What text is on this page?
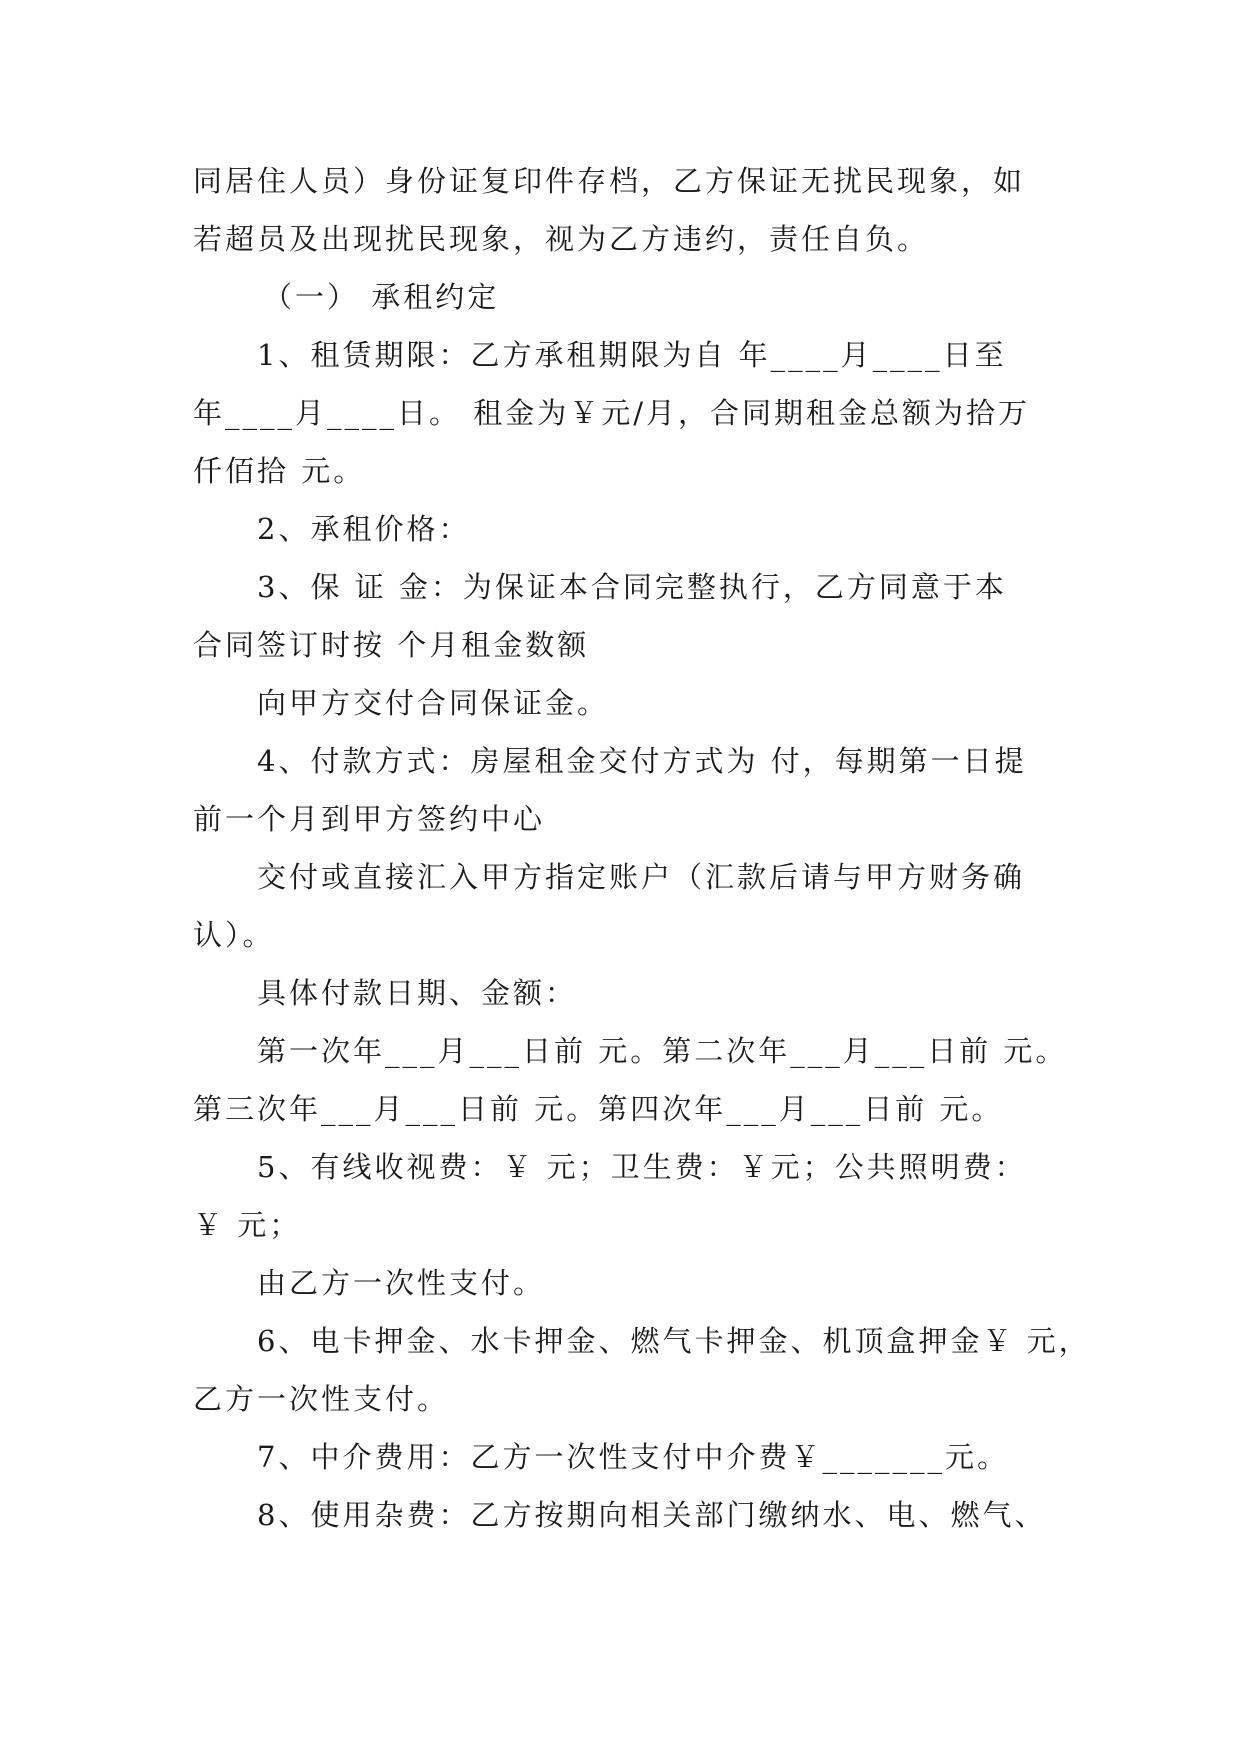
同居住人员）身份证复印件存档，乙方保证无扰民现象，如
若超员及出现扰民现象，视为乙方违约，责任自负。
（一） 承租约定
1、租赁期限：乙方承租期限为自 年____月____日至
年____月____日。 租金为￥元/月，合同期租金总额为拾万
仟佰拾 元。
2、承租价格：
3、保 证 金：为保证本合同完整执行，乙方同意于本
合同签订时按 个月租金数额
向甲方交付合同保证金。
4、付款方式：房屋租金交付方式为 付，每期第一日提
前一个月到甲方签约中心
交付或直接汇入甲方指定账户（汇款后请与甲方财务确
认）。
具体付款日期、金额：
第一次年___月___日前 元。第二次年___月___日前 元。
第三次年___月___日前 元。第四次年___月___日前 元。
5、有线收视费：￥ 元；卫生费：￥元；公共照明费：
￥ 元；
由乙方一次性支付。
6、电卡押金、水卡押金、燃气卡押金、机顶盒押金￥ 元，
乙方一次性支付。
7、中介费用：乙方一次性支付中介费￥_______元。
8、使用杂费：乙方按期向相关部门缴纳水、电、燃气、
